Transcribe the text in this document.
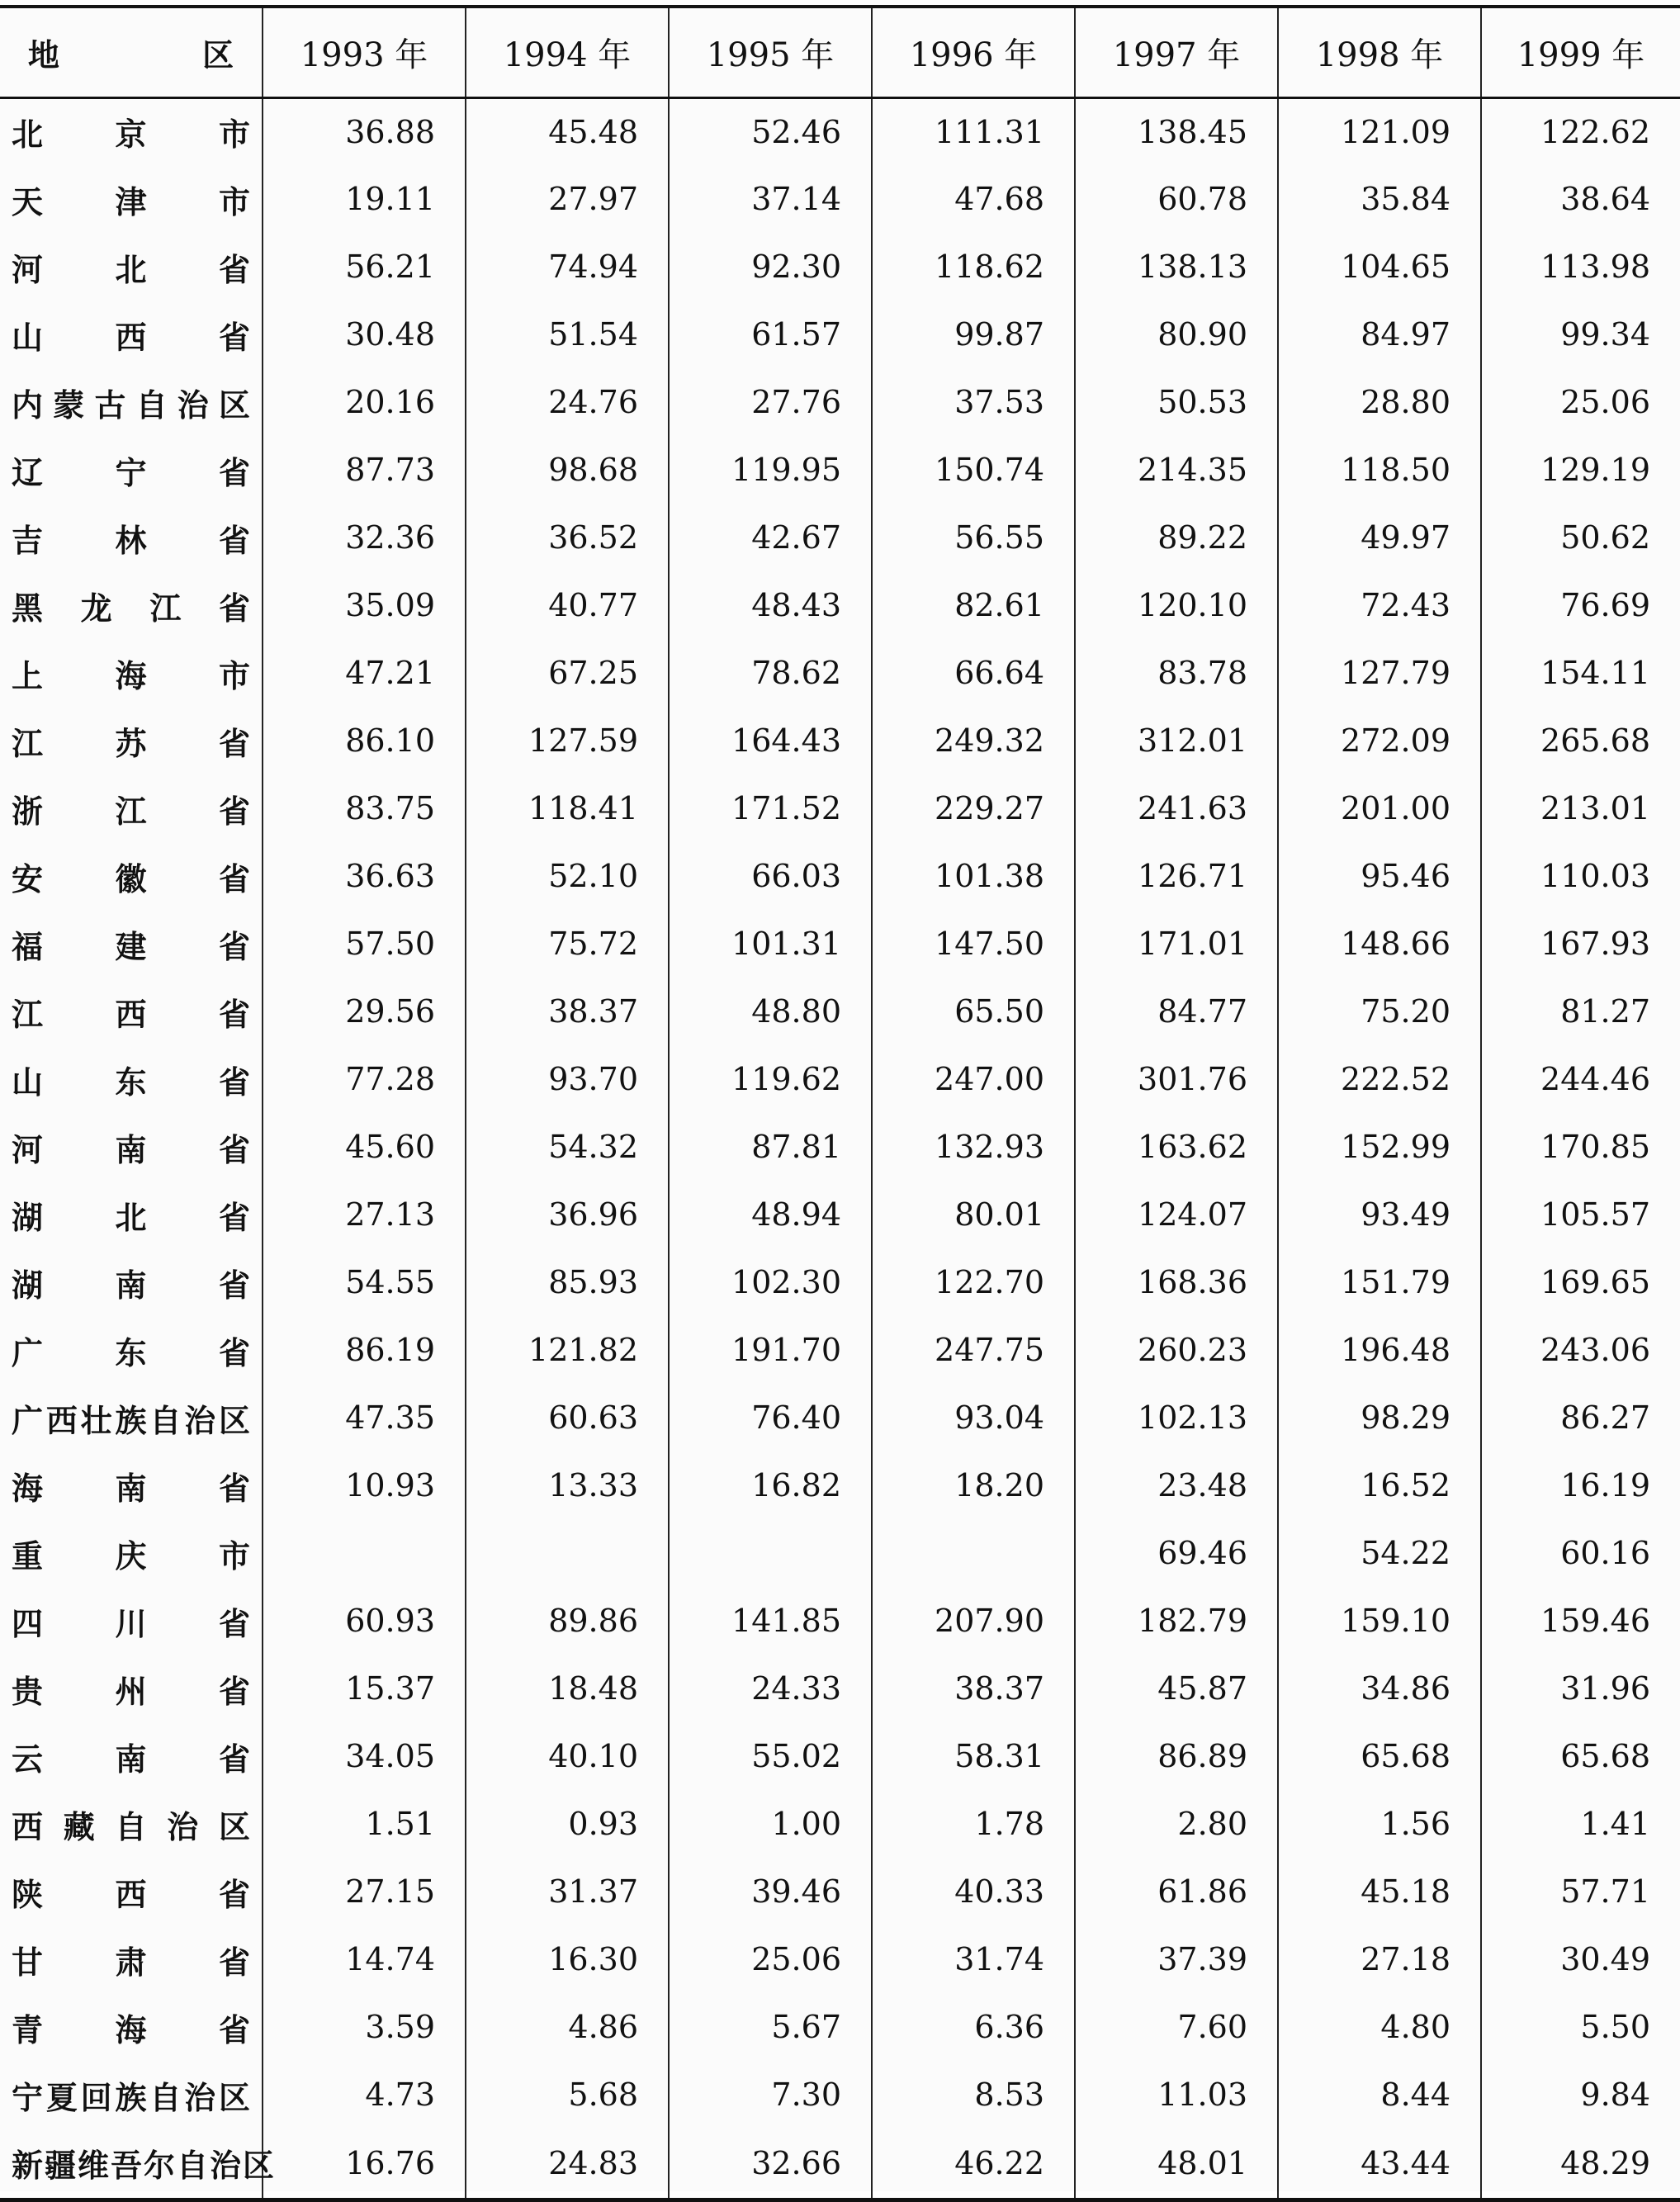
地 区	1993 年	1994 年	1995 年	1996 年	1997 年	1998 年	1999 年
北京市	36.88	45.48	52.46	111.31	138.45	121.09	122.62
天津市	19.11	27.97	37.14	47.68	60.78	35.84	38.64
河北省	56.21	74.94	92.30	118.62	138.13	104.65	113.98
山西省	30.48	51.54	61.57	99.87	80.90	84.97	99.34
内蒙古自治区	20.16	24.76	27.76	37.53	50.53	28.80	25.06
辽宁省	87.73	98.68	119.95	150.74	214.35	118.50	129.19
吉林省	32.36	36.52	42.67	56.55	89.22	49.97	50.62
黑龙江省	35.09	40.77	48.43	82.61	120.10	72.43	76.69
上海市	47.21	67.25	78.62	66.64	83.78	127.79	154.11
江苏省	86.10	127.59	164.43	249.32	312.01	272.09	265.68
浙江省	83.75	118.41	171.52	229.27	241.63	201.00	213.01
安徽省	36.63	52.10	66.03	101.38	126.71	95.46	110.03
福建省	57.50	75.72	101.31	147.50	171.01	148.66	167.93
江西省	29.56	38.37	48.80	65.50	84.77	75.20	81.27
山东省	77.28	93.70	119.62	247.00	301.76	222.52	244.46
河南省	45.60	54.32	87.81	132.93	163.62	152.99	170.85
湖北省	27.13	36.96	48.94	80.01	124.07	93.49	105.57
湖南省	54.55	85.93	102.30	122.70	168.36	151.79	169.65
广东省	86.19	121.82	191.70	247.75	260.23	196.48	243.06
广西壮族自治区	47.35	60.63	76.40	93.04	102.13	98.29	86.27
海南省	10.93	13.33	16.82	18.20	23.48	16.52	16.19
重庆市					69.46	54.22	60.16
四川省	60.93	89.86	141.85	207.90	182.79	159.10	159.46
贵州省	15.37	18.48	24.33	38.37	45.87	34.86	31.96
云南省	34.05	40.10	55.02	58.31	86.89	65.68	65.68
西藏自治区	1.51	0.93	1.00	1.78	2.80	1.56	1.41
陕西省	27.15	31.37	39.46	40.33	61.86	45.18	57.71
甘肃省	14.74	16.30	25.06	31.74	37.39	27.18	30.49
青海省	3.59	4.86	5.67	6.36	7.60	4.80	5.50
宁夏回族自治区	4.73	5.68	7.30	8.53	11.03	8.44	9.84
新疆维吾尔自治区	16.76	24.83	32.66	46.22	48.01	43.44	48.29
